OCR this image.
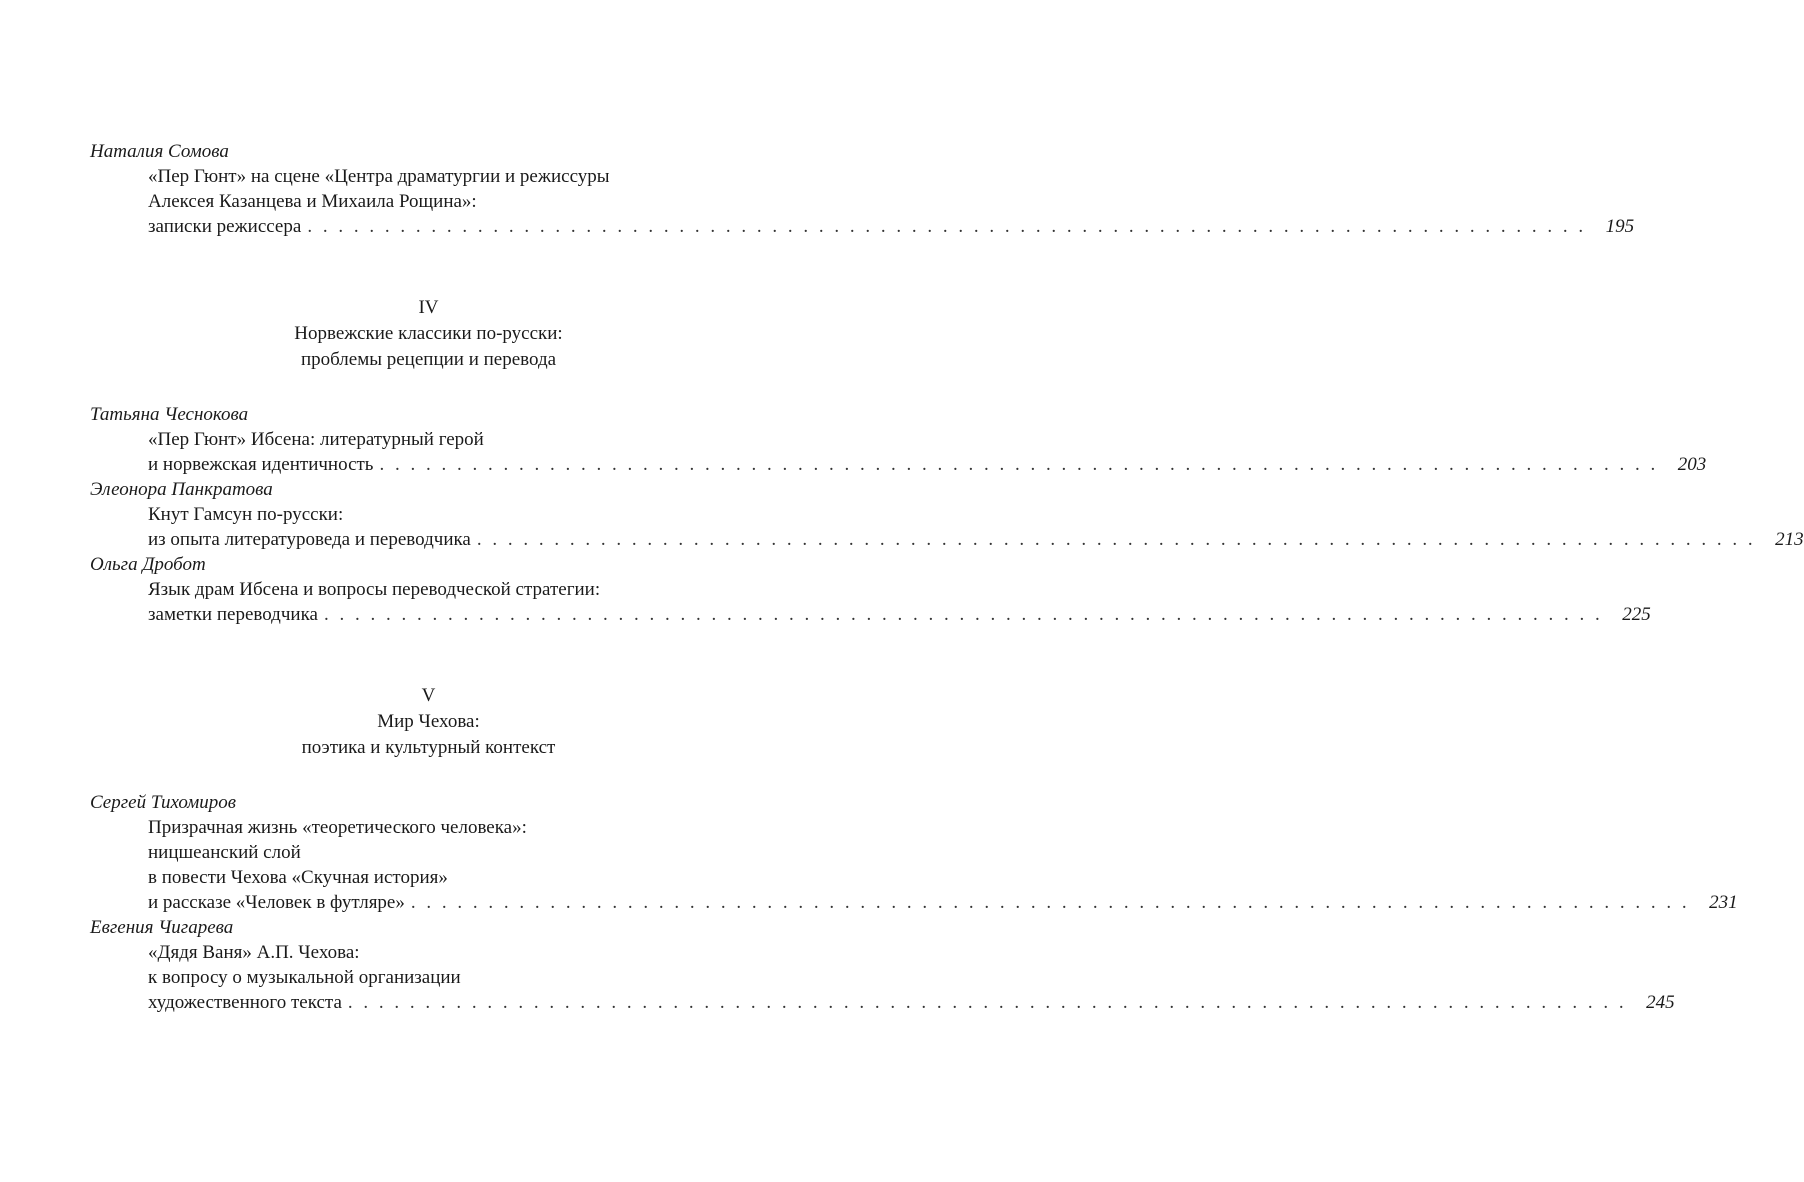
Наталия Сомова
«Пер Гюнт» на сцене «Центра драматургии и режиссуры
Алексея Казанцева и Михаила Рощина»:
записки режиссера . . . . . . . . . . . . . . . . . . . . . . . . . . . . . . . . . . . . . . . . . . . . . . . . . . . . . . . . . . . . . . . . . . . . . . . . . . . . . . . . . . .	195
IV
Норвежские классики по-русски:
проблемы рецепции и перевода
Татьяна Чеснокова
«Пер Гюнт» Ибсена: литературный герой
и норвежская идентичность . . . . . . . . . . . . . . . . . . . . . . . . . . . . . . . . . . . . . . . . . . . . . . . . . . . . . . . . . . . . . . . . . . . . . . . . . . . . . . . . . . .	203
Элеонора Панкратова
Кнут Гамсун по-русски:
из опыта литературоведа и переводчика . . . . . . . . . . . . . . . . . . . . . . . . . . . . . . . . . . . . . . . . . . . . . . . . . . . . . . . . . . . . . . . . . . . . . . . . . . . . . . . . . . .	213
Ольга Дробот
Язык драм Ибсена и вопросы переводческой стратегии:
заметки переводчика . . . . . . . . . . . . . . . . . . . . . . . . . . . . . . . . . . . . . . . . . . . . . . . . . . . . . . . . . . . . . . . . . . . . . . . . . . . . . . . . . . .	225
V
Мир Чехова:
поэтика и культурный контекст
Сергей Тихомиров
Призрачная жизнь «теоретического человека»:
ницшеанский слой
в повести Чехова «Скучная история»
и рассказе «Человек в футляре» . . . . . . . . . . . . . . . . . . . . . . . . . . . . . . . . . . . . . . . . . . . . . . . . . . . . . . . . . . . . . . . . . . . . . . . . . . . . . . . . . . .	231
Евгения Чигарева
«Дядя Ваня» А.П. Чехова:
к вопросу о музыкальной организации
художественного текста . . . . . . . . . . . . . . . . . . . . . . . . . . . . . . . . . . . . . . . . . . . . . . . . . . . . . . . . . . . . . . . . . . . . . . . . . . . . . . . . . . .	245
